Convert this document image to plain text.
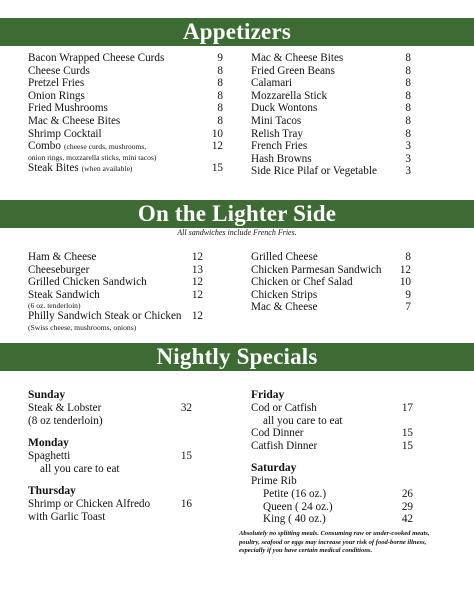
Appetizers
Bacon Wrapped Cheese Curds	9
Cheese Curds	8
Pretzel Fries	8
Onion Rings	8
Fried Mushrooms	8
Mac & Cheese Bites	8
Shrimp Cocktail	10
Combo (cheese curds, mushrooms,	12
onion rings, mozzarella sticks, mini tacos)
Steak Bites (when available)	15
Mac & Cheese Bites	8
Fried Green Beans	8
Calamari	8
Mozzarella Stick	8
Duck Wontons	8
Mini Tacos	8
Relish Tray	8
French Fries	3
Hash Browns	3
Side Rice Pilaf or Vegetable	3
On the Lighter Side
All sandwiches include French Fries.
Ham & Cheese	12
Cheeseburger	13
Grilled Chicken Sandwich	12
Steak Sandwich	12
(6 oz. tenderloin)
Philly Sandwich Steak or Chicken 12
(Swiss cheese, mushrooms, onions)
Grilled Cheese	8
Chicken Parmesan Sandwich 12
Chicken or Chef Salad	10
Chicken Strips	9
Mac & Cheese	7
Nightly Specials
Sunday
Steak & Lobster	32
(8 oz tenderloin)
Monday
Spaghetti	15
all you care to eat
Thursday
Shrimp or Chicken Alfredo	16
with Garlic Toast
Friday
Cod or Catfish	17
all you care to eat
Cod Dinner	15
Catfish Dinner	15
Saturday
Prime Rib
Petite (16 oz.)	26
Queen ( 24 oz.)	29
King ( 40 oz.)	42
Absolutely no splitting meals. Consuming raw or under-cooked meats, poultry, seafood or eggs may increase your risk of food-borne illness, especially if you have certain medical conditions.
